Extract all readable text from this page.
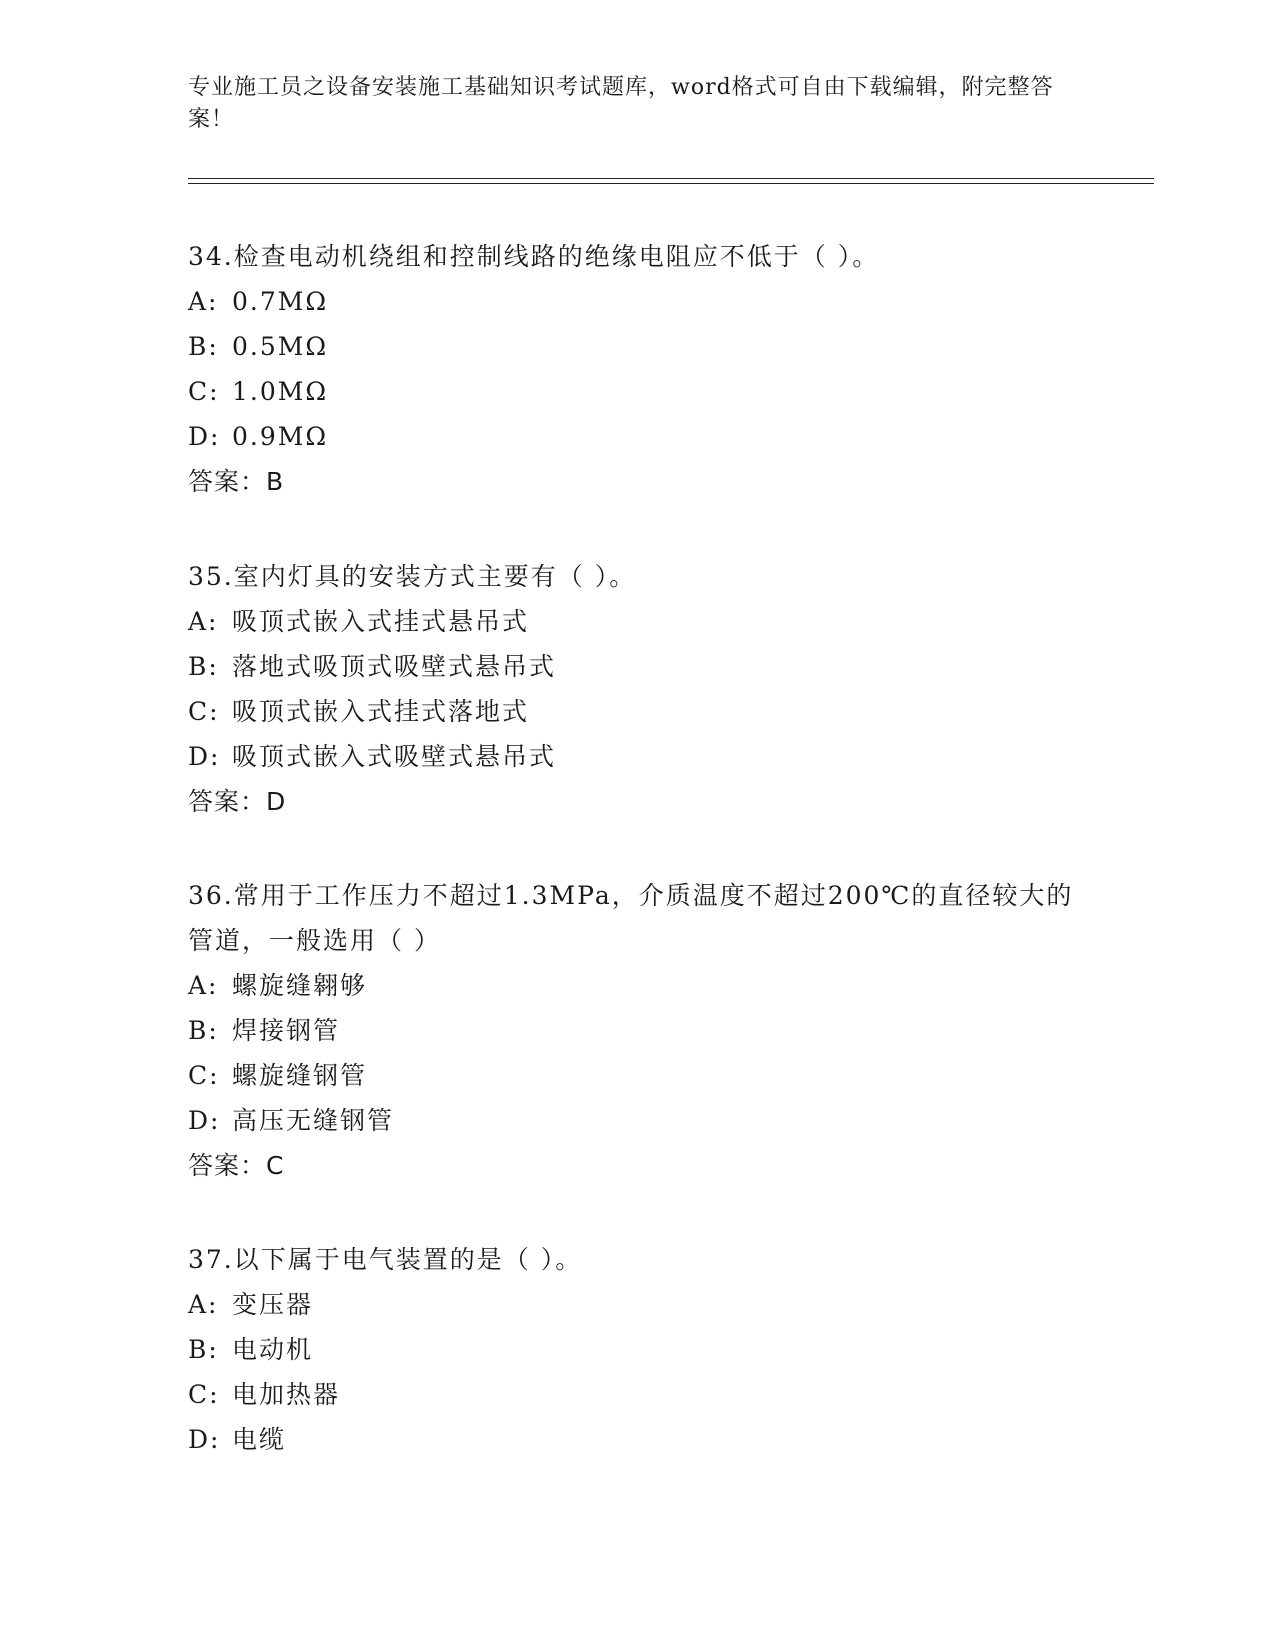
专业施工员之设备安装施工基础知识考试题库，word格式可自由下载编辑，附完整答案！
34.检查电动机绕组和控制线路的绝缘电阻应不低于（ ）。
A: 0.7MΩ
B: 0.5MΩ
C: 1.0MΩ
D: 0.9MΩ
答案：B
35.室内灯具的安装方式主要有（ ）。
A: 吸顶式嵌入式挂式悬吊式
B: 落地式吸顶式吸壁式悬吊式
C: 吸顶式嵌入式挂式落地式
D: 吸顶式嵌入式吸壁式悬吊式
答案：D
36.常用于工作压力不超过1.3MPa，介质温度不超过200℃的直径较大的管道，一般选用（ ）
A: 螺旋缝翱够
B: 焊接钢管
C: 螺旋缝钢管
D: 高压无缝钢管
答案：C
37.以下属于电气装置的是（ ）。
A: 变压器
B: 电动机
C: 电加热器
D: 电缆
